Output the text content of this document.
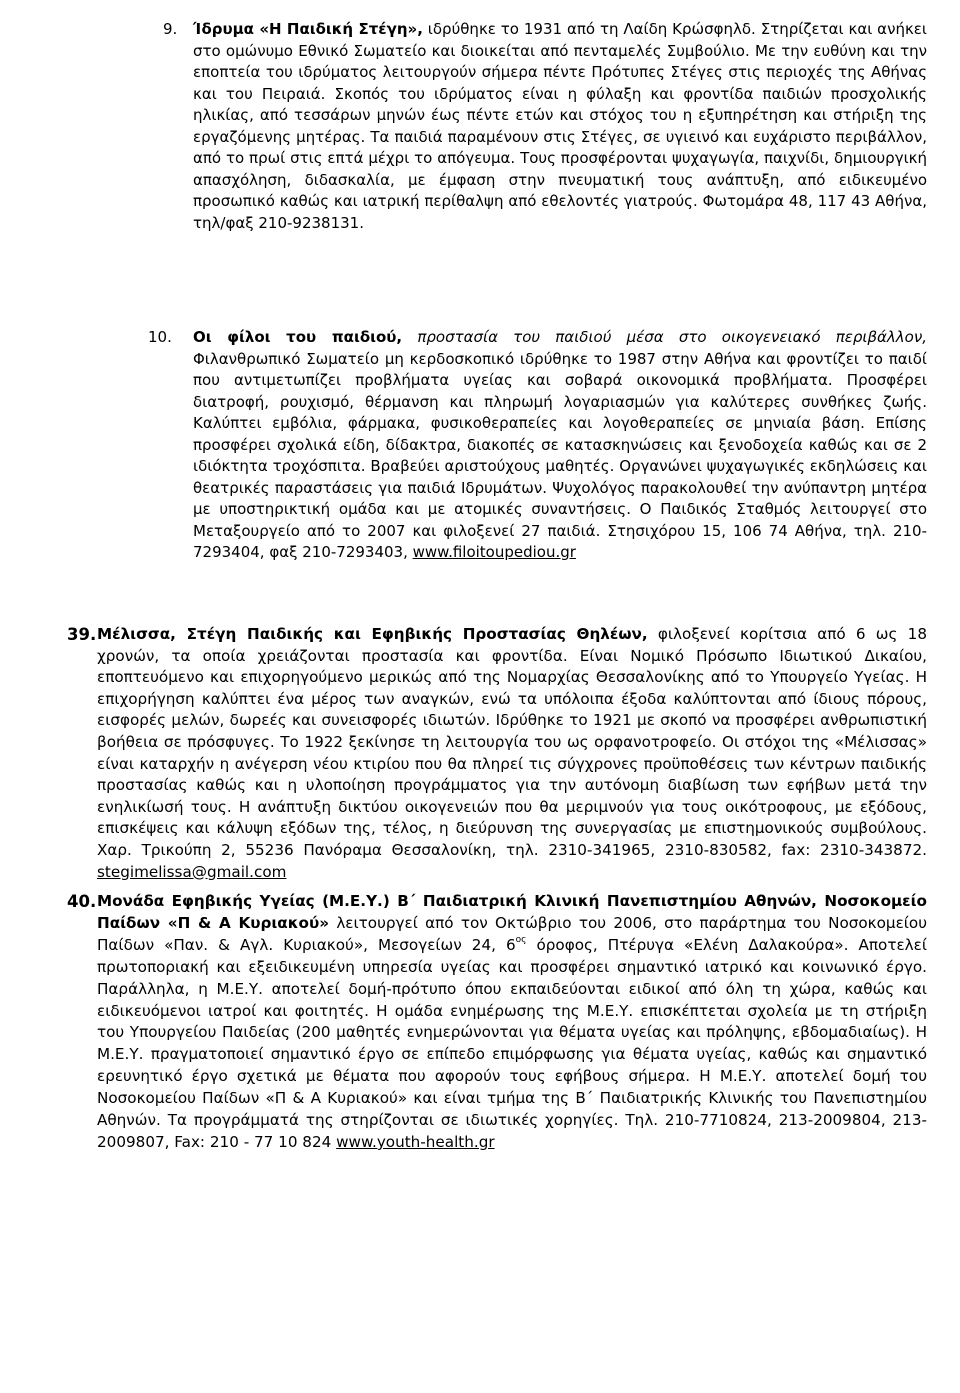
9. Ίδρυμα «Η Παιδική Στέγη», ιδρύθηκε το 1931 από τη Λαίδη Κρώσφηλδ. Στηρίζεται και ανήκει στο ομώνυμο Εθνικό Σωματείο και διοικείται από πενταμελές Συμβούλιο. Με την ευθύνη και την εποπτεία του ιδρύματος λειτουργούν σήμερα πέντε Πρότυπες Στέγες στις περιοχές της Αθήνας και του Πειραιά. Σκοπός του ιδρύματος είναι η φύλαξη και φροντίδα παιδιών προσχολικής ηλικίας, από τεσσάρων μηνών έως πέντε ετών και στόχος του η εξυπηρέτηση και στήριξη της εργαζόμενης μητέρας. Τα παιδιά παραμένουν στις Στέγες, σε υγιεινό και ευχάριστο περιβάλλον, από το πρωί στις επτά μέχρι το απόγευμα. Τους προσφέρονται ψυχαγωγία, παιχνίδι, δημιουργική απασχόληση, διδασκαλία, με έμφαση στην πνευματική τους ανάπτυξη, από ειδικευμένο προσωπικό καθώς και ιατρική περίθαλψη από εθελοντές γιατρούς. Φωτομάρα 48, 117 43 Αθήνα, τηλ/φαξ 210-9238131.
10. Οι φίλοι του παιδιού, προστασία του παιδιού μέσα στο οικογενειακό περιβάλλον, Φιλανθρωπικό Σωματείο μη κερδοσκοπικό ιδρύθηκε το 1987 στην Αθήνα και φροντίζει το παιδί που αντιμετωπίζει προβλήματα υγείας και σοβαρά οικονομικά προβλήματα. Προσφέρει διατροφή, ρουχισμό, θέρμανση και πληρωμή λογαριασμών για καλύτερες συνθήκες ζωής. Καλύπτει εμβόλια, φάρμακα, φυσικοθεραπείες και λογοθεραπείες σε μηνιαία βάση. Επίσης προσφέρει σχολικά είδη, δίδακτρα, διακοπές σε κατασκηνώσεις και ξενοδοχεία καθώς και σε 2 ιδιόκτητα τροχόσπιτα. Βραβεύει αριστούχους μαθητές. Οργανώνει ψυχαγωγικές εκδηλώσεις και θεατρικές παραστάσεις για παιδιά Ιδρυμάτων. Ψυχολόγος παρακολουθεί την ανύπαντρη μητέρα με υποστηρικτική ομάδα και με ατομικές συναντήσεις. Ο Παιδικός Σταθμός λειτουργεί στο Μεταξουργείο από το 2007 και φιλοξενεί 27 παιδιά. Στησιχόρου 15, 106 74 Αθήνα, τηλ. 210-7293404, φαξ 210-7293403, www.filoitoupediou.gr
39. Μέλισσα, Στέγη Παιδικής και Εφηβικής Προστασίας Θηλέων, φιλοξενεί κορίτσια από 6 ως 18 χρονών, τα οποία χρειάζονται προστασία και φροντίδα. Είναι Νομικό Πρόσωπο Ιδιωτικού Δικαίου, εποπτευόμενο και επιχορηγούμενο μερικώς από της Νομαρχίας Θεσσαλονίκης από το Υπουργείο Υγείας. Η επιχορήγηση καλύπτει ένα μέρος των αναγκών, ενώ τα υπόλοιπα έξοδα καλύπτονται από ίδιους πόρους, εισφορές μελών, δωρεές και συνεισφορές ιδιωτών. Ιδρύθηκε το 1921 με σκοπό να προσφέρει ανθρωπιστική βοήθεια σε πρόσφυγες. Το 1922 ξεκίνησε τη λειτουργία του ως ορφανοτροφείο. Οι στόχοι της «Μέλισσας» είναι καταρχήν η ανέγερση νέου κτιρίου που θα πληρεί τις σύγχρονες προϋποθέσεις των κέντρων παιδικής προστασίας καθώς και η υλοποίηση προγράμματος για την αυτόνομη διαβίωση των εφήβων μετά την ενηλικίωσή τους. Η ανάπτυξη δικτύου οικογενειών που θα μεριμνούν για τους οικότροφους, με εξόδους, επισκέψεις και κάλυψη εξόδων της, τέλος, η διεύρυνση της συνεργασίας με επιστημονικούς συμβούλους. Χαρ. Τρικούπη 2, 55236 Πανόραμα Θεσσαλονίκη, τηλ. 2310-341965, 2310-830582, fax: 2310-343872. stegimelissa@gmail.com
40. Μονάδα Εφηβικής Υγείας (Μ.Ε.Υ.) Β΄ Παιδιατρική Κλινική Πανεπιστημίου Αθηνών, Νοσοκομείο Παίδων «Π & Α Κυριακού» λειτουργεί από τον Οκτώβριο του 2006, στο παράρτημα του Νοσοκομείου Παίδων «Παν. & Αγλ. Κυριακού», Μεσογείων 24, $6^{o\varsigma}$ όροφος, Πτέρυγα «Ελένη Δαλακούρα». Αποτελεί πρωτοποριακή και εξειδικευμένη υπηρεσία υγείας και προσφέρει σημαντικό ιατρικό και κοινωνικό έργο. Παράλληλα, η Μ.Ε.Υ. αποτελεί δομή-πρότυπο όπου εκπαιδεύονται ειδικοί από όλη τη χώρα, καθώς και ειδικευόμενοι ιατροί και φοιτητές. Η ομάδα ενημέρωσης της Μ.Ε.Υ. επισκέπτεται σχολεία με τη στήριξη του Υπουργείου Παιδείας (200 μαθητές ενημερώνονται για θέματα υγείας και πρόληψης, εβδομαδιαίως). Η Μ.Ε.Υ. πραγματοποιεί σημαντικό έργο σε επίπεδο επιμόρφωσης για θέματα υγείας, καθώς και σημαντικό ερευνητικό έργο σχετικά με θέματα που αφορούν τους εφήβους σήμερα. Η Μ.Ε.Υ. αποτελεί δομή του Νοσοκομείου Παίδων «Π & Α Κυριακού» και είναι τμήμα της Β΄ Παιδιατρικής Κλινικής του Πανεπιστημίου Αθηνών. Τα προγράμματά της στηρίζονται σε ιδιωτικές χορηγίες. Τηλ. 210-7710824, 213-2009804, 213-2009807, Fax: 210 - 77 10 824 www.youth-health.gr
